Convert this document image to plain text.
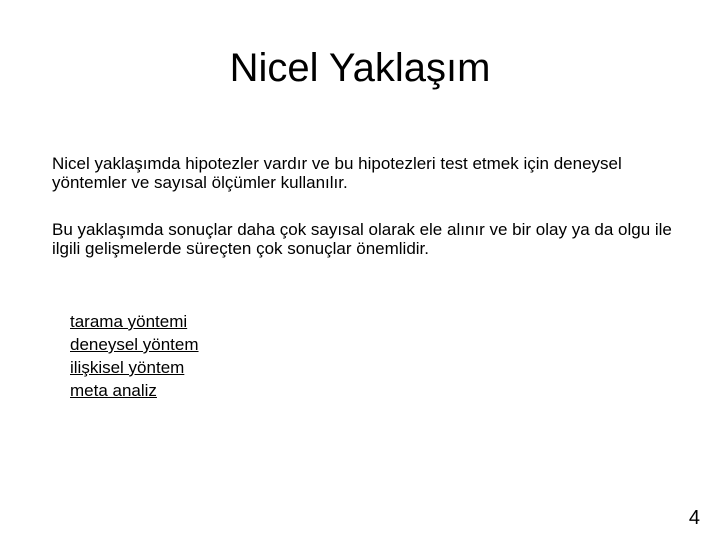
Nicel Yaklaşım

Nicel yaklaşımda hipotezler vardır ve bu hipotezleri test etmek için deneysel yöntemler ve sayısal ölçümler kullanılır.

Bu yaklaşımda sonuçlar daha çok sayısal olarak ele alınır ve bir olay ya da olgu ile ilgili gelişmelerde süreçten çok sonuçlar önemlidir.

tarama yöntemi
deneysel yöntem
ilişkisel yöntem
meta analiz
4
